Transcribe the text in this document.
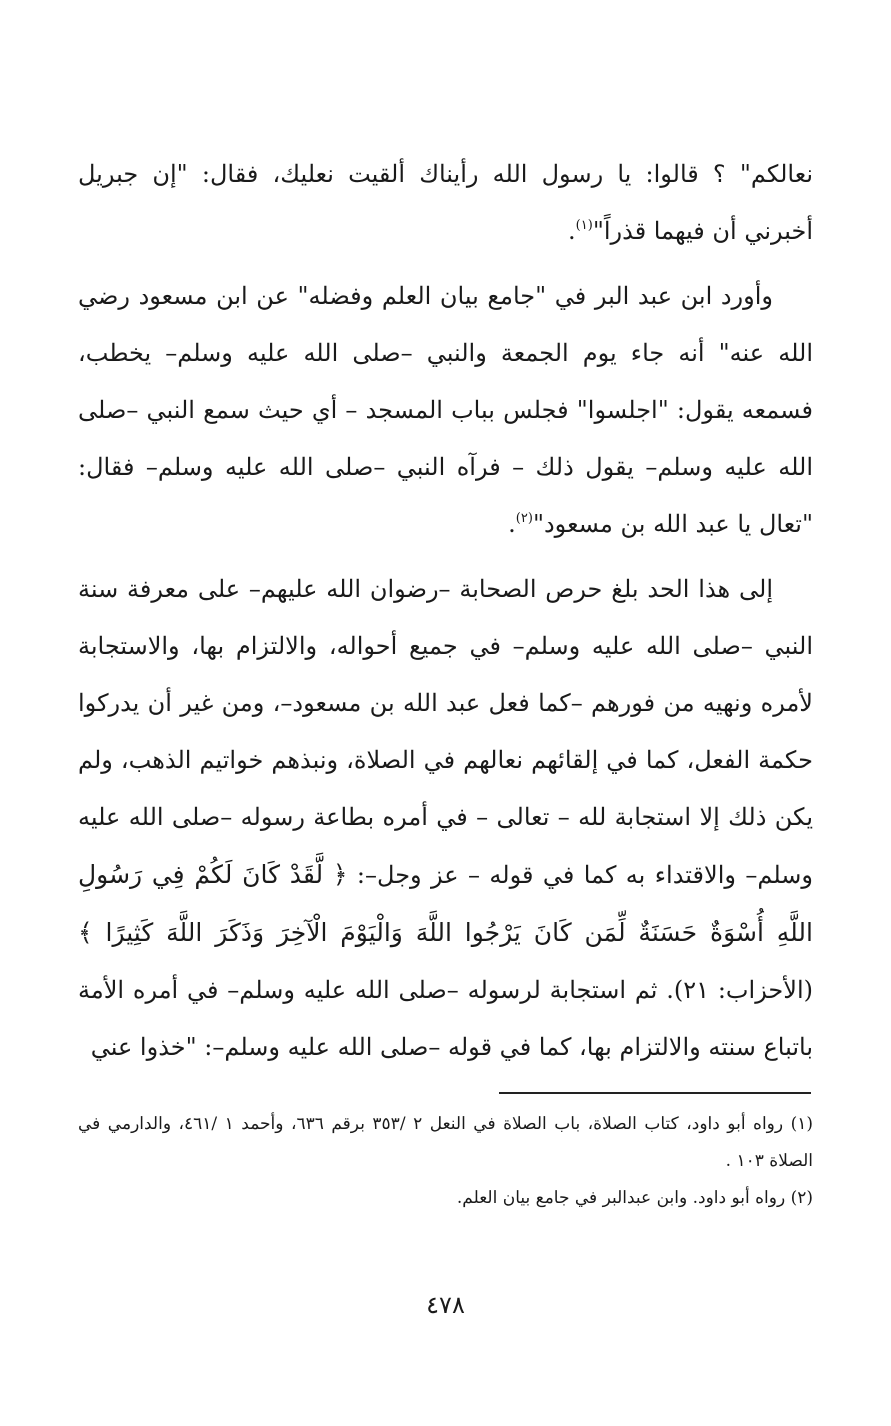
نعالكم" ؟ قالوا: يا رسول الله رأيناك ألقيت نعليك، فقال: "إن جبريل أخبرني أن فيهما قذراً"$^{(١)}$.

وأورد ابن عبد البر في "جامع بيان العلم وفضله" عن ابن مسعود رضي الله عنه" أنه جاء يوم الجمعة والنبي –صلى الله عليه وسلم– يخطب، فسمعه يقول: "اجلسوا" فجلس بباب المسجد – أي حيث سمع النبي –صلى الله عليه وسلم– يقول ذلك – فرآه النبي –صلى الله عليه وسلم– فقال: "تعال يا عبد الله بن مسعود"$^{(٢)}$.

إلى هذا الحد بلغ حرص الصحابة –رضوان الله عليهم– على معرفة سنة النبي –صلى الله عليه وسلم– في جميع أحواله، والالتزام بها، والاستجابة لأمره ونهيه من فورهم –كما فعل عبد الله بن مسعود–، ومن غير أن يدركوا حكمة الفعل، كما في إلقائهم نعالهم في الصلاة، ونبذهم خواتيم الذهب، ولم يكن ذلك إلا استجابة لله – تعالى – في أمره بطاعة رسوله –صلى الله عليه وسلم– والاقتداء به كما في قوله – عز وجل–: ﴿ لَّقَدْ كَانَ لَكُمْ فِي رَسُولِ اللَّهِ أُسْوَةٌ حَسَنَةٌ لِّمَن كَانَ يَرْجُوا اللَّهَ وَالْيَوْمَ الْآخِرَ وَذَكَرَ اللَّهَ كَثِيرًا ﴾ (الأحزاب: ٢١). ثم استجابة لرسوله –صلى الله عليه وسلم– في أمره الأمة باتباع سنته والالتزام بها، كما في قوله –صلى الله عليه وسلم–: "خذوا عني

(١) رواه أبو داود، كتاب الصلاة، باب الصلاة في النعل ٢ /٣٥٣ برقم ٦٣٦، وأحمد ١ /٤٦١، والدارمي في الصلاة ١٠٣ .

(٢) رواه أبو داود. وابن عبدالبر في جامع بيان العلم.

٤٧٨
